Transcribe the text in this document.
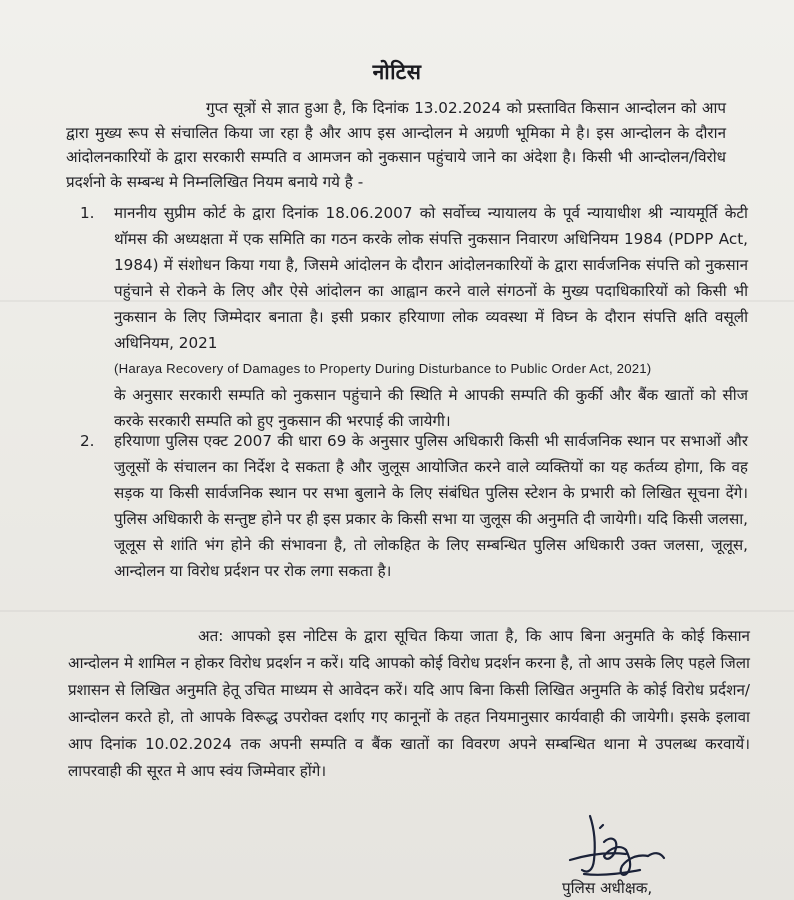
नोटिस
गुप्त सूत्रों से ज्ञात हुआ है, कि दिनांक 13.02.2024 को प्रस्तावित किसान आन्दोलन को आप द्वारा मुख्य रूप से संचालित किया जा रहा है और आप इस आन्दोलन मे अग्रणी भूमिका मे है। इस आन्दोलन के दौरान आंदोलनकारियों के द्वारा सरकारी सम्पति व आमजन को नुकसान पहुंचाये जाने का अंदेशा है। किसी भी आन्दोलन/विरोध प्रदर्शनो के सम्बन्ध मे निम्नलिखित नियम बनाये गये है -
1.	माननीय सुप्रीम कोर्ट के द्वारा दिनांक 18.06.2007 को सर्वोच्च न्यायालय के पूर्व न्यायाधीश श्री न्यायमूर्ति केटी थॉमस की अध्यक्षता में एक समिति का गठन करके लोक संपत्ति नुकसान निवारण अधिनियम 1984 (PDPP Act, 1984) में संशोधन किया गया है, जिसमे आंदोलन के दौरान आंदोलनकारियों के द्वारा सार्वजनिक संपत्ति को नुकसान पहुंचाने से रोकने के लिए और ऐसे आंदोलन का आह्वान करने वाले संगठनों के मुख्य पदाधिकारियों को किसी भी नुकसान के लिए जिम्मेदार बनाता है। इसी प्रकार हरियाणा लोक व्यवस्था में विघ्न के दौरान संपत्ति क्षति वसूली अधिनियम, 2021
(Haraya Recovery of Damages to Property During Disturbance to Public Order Act, 2021)
के अनुसार सरकारी सम्पति को नुकसान पहुंचाने की स्थिति मे आपकी सम्पति की कुर्की और बैंक खातों को सीज करके सरकारी सम्पति को हुए नुकसान की भरपाई की जायेगी।
2.	हरियाणा पुलिस एक्ट 2007 की धारा 69 के अनुसार पुलिस अधिकारी किसी भी सार्वजनिक स्थान पर सभाओं और जुलूसों के संचालन का निर्देश दे सकता है और जुलूस आयोजित करने वाले व्यक्तियों का यह कर्तव्य होगा, कि वह सड़क या किसी सार्वजनिक स्थान पर सभा बुलाने के लिए संबंधित पुलिस स्टेशन के प्रभारी को लिखित सूचना देंगे। पुलिस अधिकारी के सन्तुष्ट होने पर ही इस प्रकार के किसी सभा या जुलूस की अनुमति दी जायेगी। यदि किसी जलसा, जूलूस से शांति भंग होने की संभावना है, तो लोकहित के लिए सम्बन्धित पुलिस अधिकारी उक्त जलसा, जूलूस, आन्दोलन या विरोध प्रर्दशन पर रोक लगा सकता है।
अत: आपको इस नोटिस के द्वारा सूचित किया जाता है, कि आप बिना अनुमति के कोई किसान आन्दोलन मे शामिल न होकर विरोध प्रदर्शन न करें। यदि आपको कोई विरोध प्रदर्शन करना है, तो आप उसके लिए पहले जिला प्रशासन से लिखित अनुमति हेतू उचित माध्यम से आवेदन करें। यदि आप बिना किसी लिखित अनुमति के कोई विरोध प्रर्दशन/आन्दोलन करते हो, तो आपके विरूद्ध उपरोक्त दर्शाए गए कानूनों के तहत नियमानुसार कार्यवाही की जायेगी। इसके इलावा आप दिनांक 10.02.2024 तक अपनी सम्पति व बैंक खातों का विवरण अपने सम्बन्धित थाना मे उपलब्ध करवायें। लापरवाही की सूरत मे आप स्वंय जिम्मेवार होंगे।
पुलिस अधीक्षक,
